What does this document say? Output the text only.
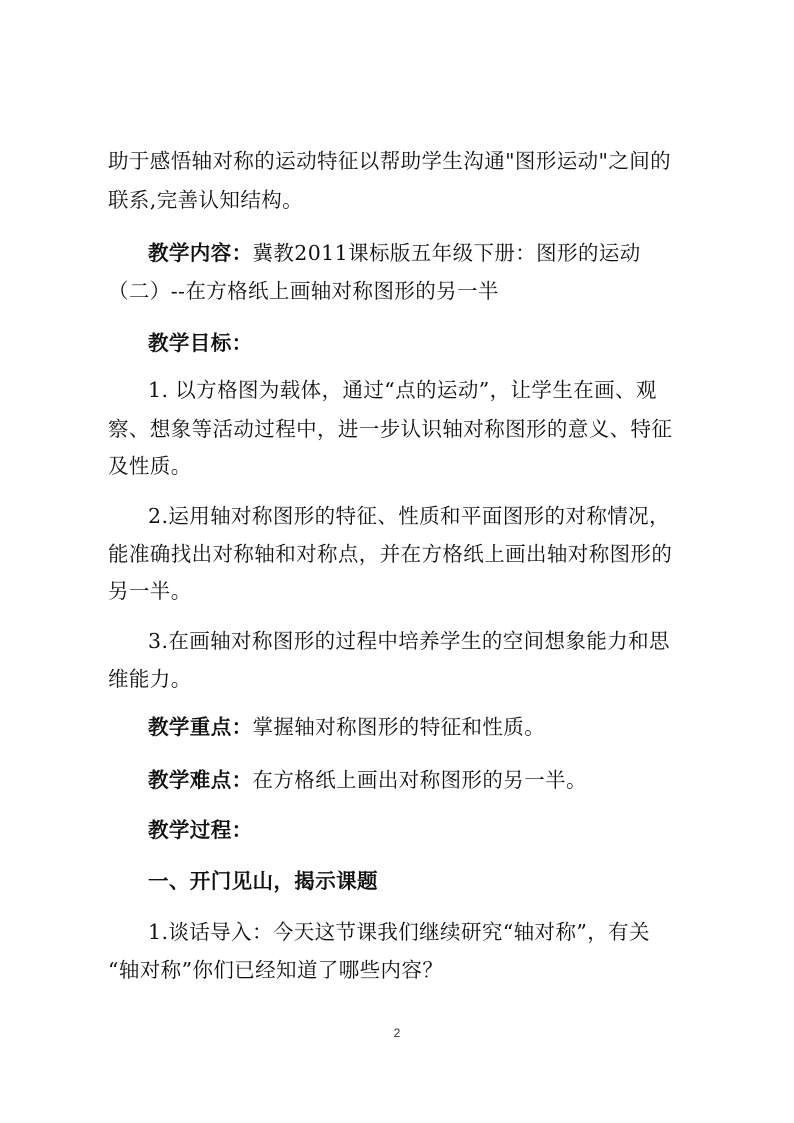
助于感悟轴对称的运动特征以帮助学生沟通"图形运动"之间的
联系,完善认知结构。
教学内容：冀教2011课标版五年级下册：图形的运动
（二）--在方格纸上画轴对称图形的另一半
教学目标：
1. 以方格图为载体，通过“点的运动”，让学生在画、观
察、想象等活动过程中，进一步认识轴对称图形的意义、特征
及性质。
2.运用轴对称图形的特征、性质和平面图形的对称情况，
能准确找出对称轴和对称点，并在方格纸上画出轴对称图形的
另一半。
3.在画轴对称图形的过程中培养学生的空间想象能力和思
维能力。
教学重点：掌握轴对称图形的特征和性质。
教学难点：在方格纸上画出对称图形的另一半。
教学过程：
一、开门见山，揭示课题
1.谈话导入：今天这节课我们继续研究“轴对称”，有关
“轴对称”你们已经知道了哪些内容？
2
